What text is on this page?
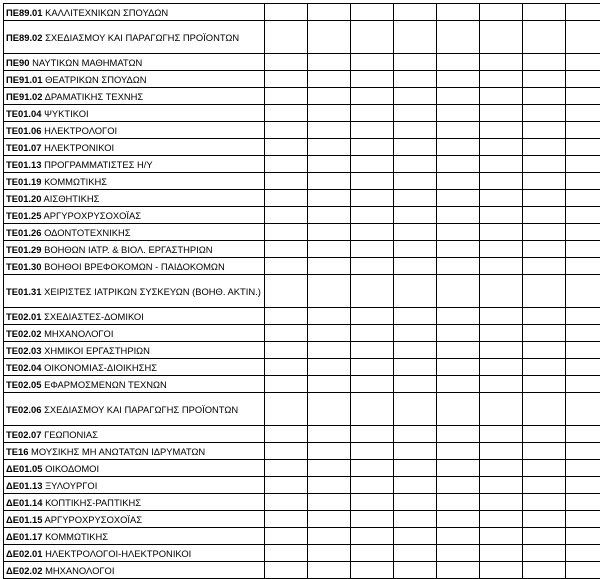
ΠΕ89.01 ΚΑΛΛΙΤΕΧΝΙΚΩΝ ΣΠΟΥΔΩΝ									
ΠΕ89.02 ΣΧΕΔΙΑΣΜΟΥ ΚΑΙ ΠΑΡΑΓΩΓΗΣ ΠΡΟΪΟΝΤΩΝ									
ΠΕ90 ΝΑΥΤΙΚΩΝ ΜΑΘΗΜΑΤΩΝ									
ΠΕ91.01 ΘΕΑΤΡΙΚΩΝ ΣΠΟΥΔΩΝ									
ΠΕ91.02 ΔΡΑΜΑΤΙΚΗΣ ΤΕΧΝΗΣ									
ΤΕ01.04 ΨΥΚΤΙΚΟΙ									
ΤΕ01.06 ΗΛΕΚΤΡΟΛΟΓΟΙ									
ΤΕ01.07 ΗΛΕΚΤΡΟΝΙΚΟΙ									
ΤΕ01.13 ΠΡΟΓΡΑΜΜΑΤΙΣΤΕΣ Η/Υ									
ΤΕ01.19 ΚΟΜΜΩΤΙΚΗΣ									
ΤΕ01.20 ΑΙΣΘΗΤΙΚΗΣ									
ΤΕ01.25 ΑΡΓΥΡΟΧΡΥΣΟΧΟΪΑΣ									
ΤΕ01.26 ΟΔΟΝΤΟΤΕΧΝΙΚΗΣ									
ΤΕ01.29 ΒΟΗΘΩΝ ΙΑΤΡ. & ΒΙΟΛ. ΕΡΓΑΣΤΗΡΙΩΝ									
ΤΕ01.30 ΒΟΗΘΟΙ ΒΡΕΦΟΚΟΜΩΝ - ΠΑΙΔΟΚΟΜΩΝ									
ΤΕ01.31 ΧΕΙΡΙΣΤΕΣ ΙΑΤΡΙΚΩΝ ΣΥΣΚΕΥΩΝ (ΒΟΗΘ. ΑΚΤΙΝ.)									
ΤΕ02.01 ΣΧΕΔΙΑΣΤΕΣ-ΔΟΜΙΚΟΙ									
ΤΕ02.02 ΜΗΧΑΝΟΛΟΓΟΙ									
ΤΕ02.03 ΧΗΜΙΚΟΙ ΕΡΓΑΣΤΗΡΙΩΝ									
ΤΕ02.04 ΟΙΚΟΝΟΜΙΑΣ-ΔΙΟΙΚΗΣΗΣ									
ΤΕ02.05 ΕΦΑΡΜΟΣΜΕΝΩΝ ΤΕΧΝΩΝ									
ΤΕ02.06 ΣΧΕΔΙΑΣΜΟΥ ΚΑΙ ΠΑΡΑΓΩΓΗΣ ΠΡΟΪΟΝΤΩΝ									
ΤΕ02.07 ΓΕΩΠΟΝΙΑΣ									
ΤΕ16 ΜΟΥΣΙΚΗΣ ΜΗ ΑΝΩΤΑΤΩΝ ΙΔΡΥΜΑΤΩΝ									
ΔΕ01.05 ΟΙΚΟΔΟΜΟΙ									
ΔΕ01.13 ΞΥΛΟΥΡΓΟΙ									
ΔΕ01.14 ΚΟΠΤΙΚΗΣ-ΡΑΠΤΙΚΗΣ									
ΔΕ01.15 ΑΡΓΥΡΟΧΡΥΣΟΧΟΪΑΣ									
ΔΕ01.17 ΚΟΜΜΩΤΙΚΗΣ									
ΔΕ02.01 ΗΛΕΚΤΡΟΛΟΓΟΙ-ΗΛΕΚΤΡΟΝΙΚΟΙ									
ΔΕ02.02 ΜΗΧΑΝΟΛΟΓΟΙ									
